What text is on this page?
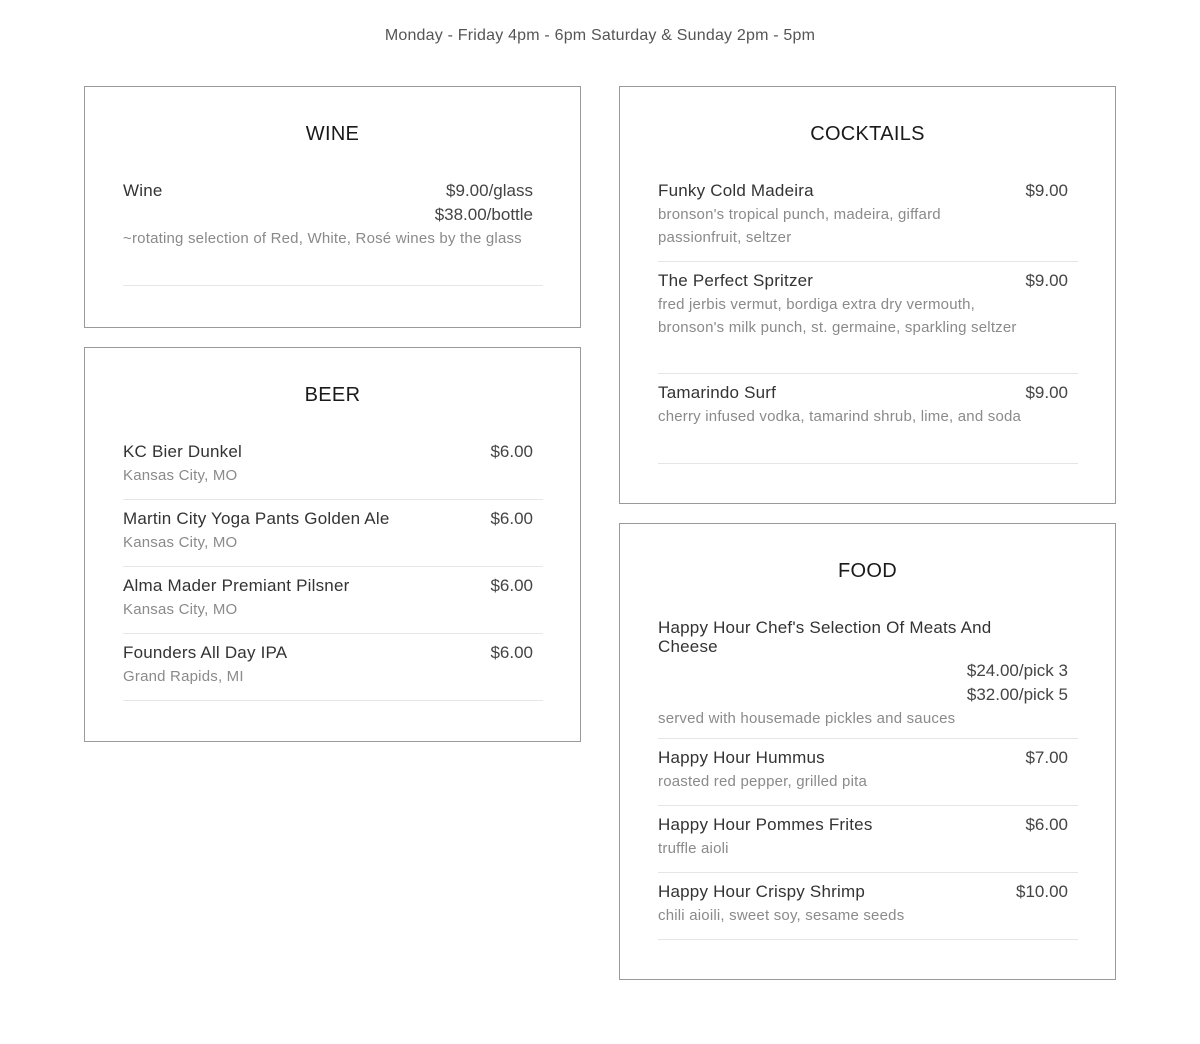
Monday - Friday 4pm - 6pm Saturday & Sunday 2pm - 5pm
WINE
Wine	$9.00/glass
$38.00/bottle
~rotating selection of Red, White, Rosé wines by the glass
BEER
KC Bier Dunkel	$6.00
Kansas City, MO
Martin City Yoga Pants Golden Ale	$6.00
Kansas City, MO
Alma Mader Premiant Pilsner	$6.00
Kansas City, MO
Founders All Day IPA	$6.00
Grand Rapids, MI
COCKTAILS
Funky Cold Madeira	$9.00
bronson's tropical punch, madeira, giffard passionfruit, seltzer
The Perfect Spritzer	$9.00
fred jerbis vermut, bordiga extra dry vermouth, bronson's milk punch, st. germaine, sparkling seltzer
Tamarindo Surf	$9.00
cherry infused vodka, tamarind shrub, lime, and soda
FOOD
Happy Hour Chef's Selection Of Meats And Cheese
$24.00/pick 3
$32.00/pick 5
served with housemade pickles and sauces
Happy Hour Hummus	$7.00
roasted red pepper, grilled pita
Happy Hour Pommes Frites	$6.00
truffle aioli
Happy Hour Crispy Shrimp	$10.00
chili aioili, sweet soy, sesame seeds
